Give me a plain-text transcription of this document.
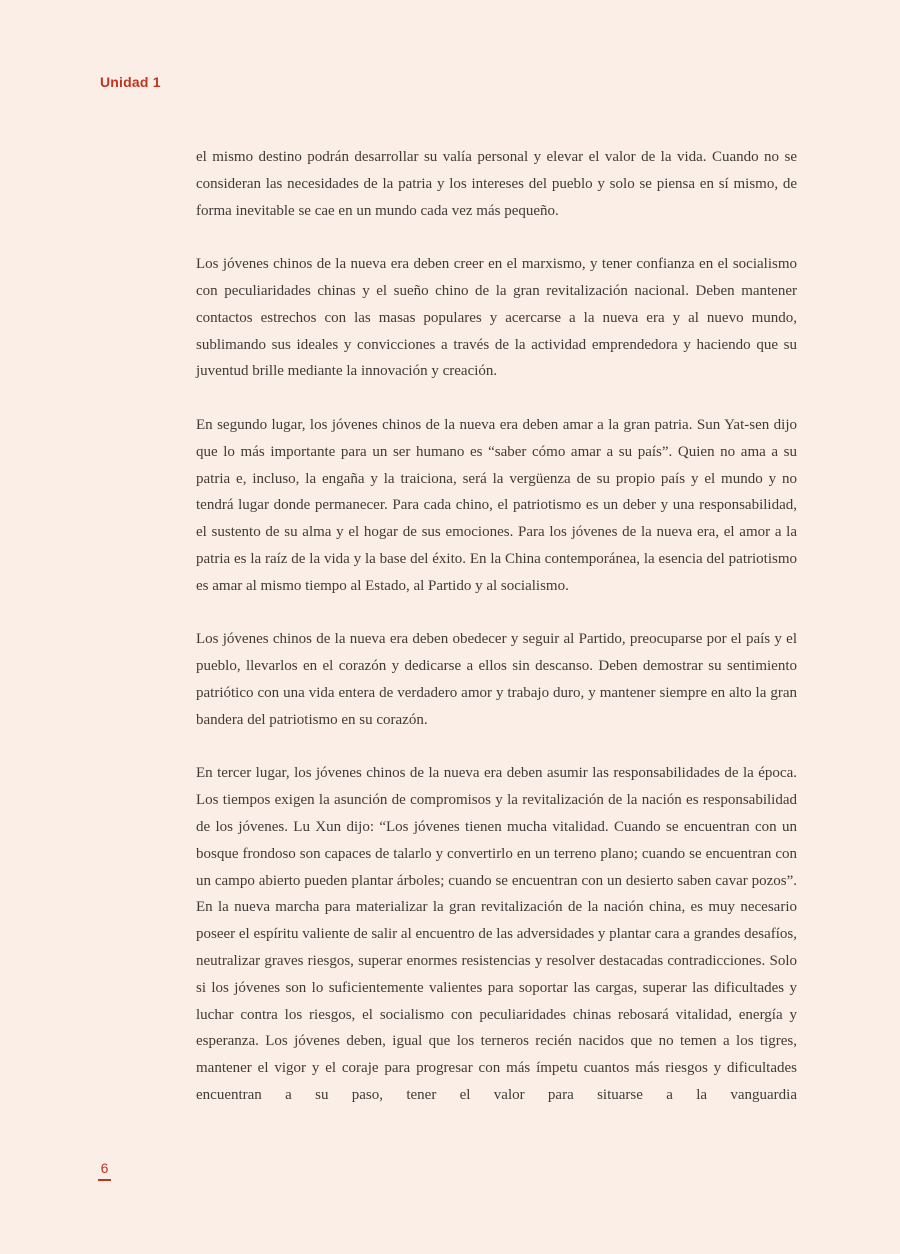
Unidad 1

el mismo destino podrán desarrollar su valía personal y elevar el valor de la vida. Cuando no se consideran las necesidades de la patria y los intereses del pueblo y solo se piensa en sí mismo, de forma inevitable se cae en un mundo cada vez más pequeño.

Los jóvenes chinos de la nueva era deben creer en el marxismo, y tener confianza en el socialismo con peculiaridades chinas y el sueño chino de la gran revitalización nacional. Deben mantener contactos estrechos con las masas populares y acercarse a la nueva era y al nuevo mundo, sublimando sus ideales y convicciones a través de la actividad emprendedora y haciendo que su juventud brille mediante la innovación y creación.

En segundo lugar, los jóvenes chinos de la nueva era deben amar a la gran patria. Sun Yat-sen dijo que lo más importante para un ser humano es “saber cómo amar a su país”. Quien no ama a su patria e, incluso, la engaña y la traiciona, será la vergüenza de su propio país y el mundo y no tendrá lugar donde permanecer. Para cada chino, el patriotismo es un deber y una responsabilidad, el sustento de su alma y el hogar de sus emociones. Para los jóvenes de la nueva era, el amor a la patria es la raíz de la vida y la base del éxito. En la China contemporánea, la esencia del patriotismo es amar al mismo tiempo al Estado, al Partido y al socialismo.

Los jóvenes chinos de la nueva era deben obedecer y seguir al Partido, preocuparse por el país y el pueblo, llevarlos en el corazón y dedicarse a ellos sin descanso. Deben demostrar su sentimiento patriótico con una vida entera de verdadero amor y trabajo duro, y mantener siempre en alto la gran bandera del patriotismo en su corazón.

En tercer lugar, los jóvenes chinos de la nueva era deben asumir las responsabilidades de la época. Los tiempos exigen la asunción de compromisos y la revitalización de la nación es responsabilidad de los jóvenes. Lu Xun dijo: “Los jóvenes tienen mucha vitalidad. Cuando se encuentran con un bosque frondoso son capaces de talarlo y convertirlo en un terreno plano; cuando se encuentran con un campo abierto pueden plantar árboles; cuando se encuentran con un desierto saben cavar pozos”. En la nueva marcha para materializar la gran revitalización de la nación china, es muy necesario poseer el espíritu valiente de salir al encuentro de las adversidades y plantar cara a grandes desafíos, neutralizar graves riesgos, superar enormes resistencias y resolver destacadas contradicciones. Solo si los jóvenes son lo suficientemente valientes para soportar las cargas, superar las dificultades y luchar contra los riesgos, el socialismo con peculiaridades chinas rebosará vitalidad, energía y esperanza. Los jóvenes deben, igual que los terneros recién nacidos que no temen a los tigres, mantener el vigor y el coraje para progresar con más ímpetu cuantos más riesgos y dificultades encuentran a su paso, tener el valor para situarse a la vanguardia

6
